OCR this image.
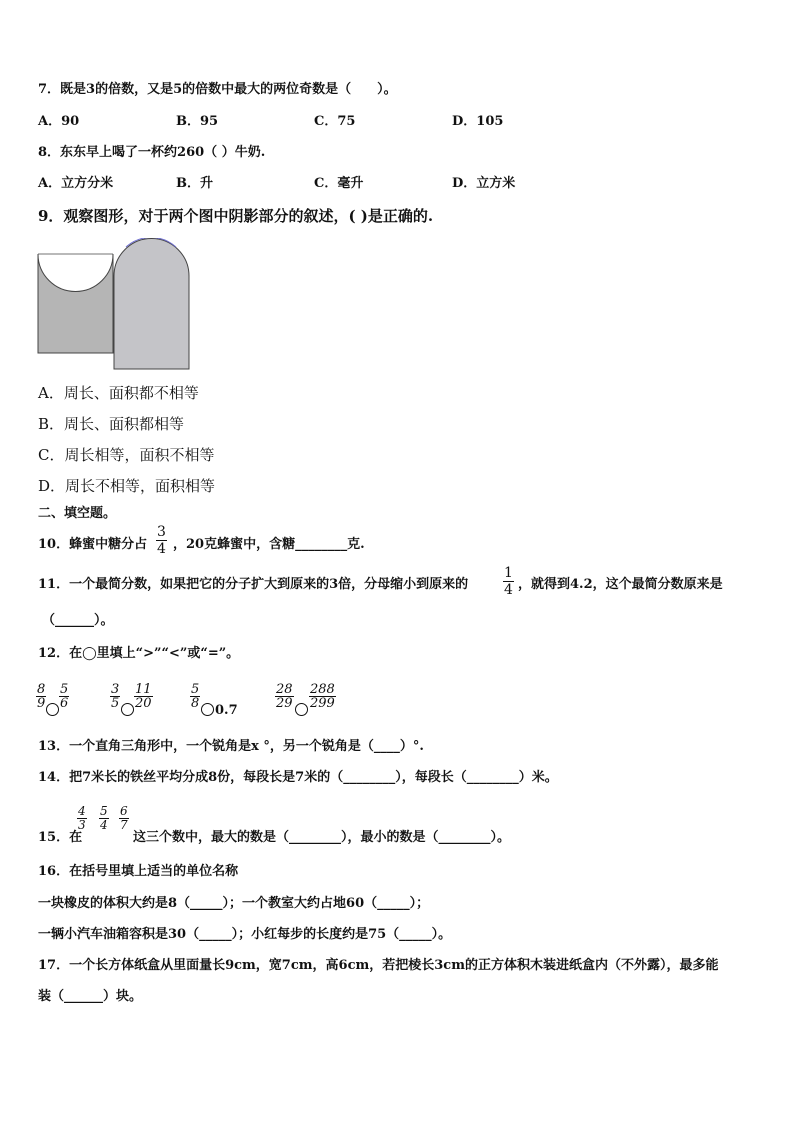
7．既是3的倍数，又是5的倍数中最大的两位奇数是（　　）。
A．90	B．95	C．75	D．105
8．东东早上喝了一杯约260（ ）牛奶.
A．立方分米	B．升	C．毫升	D．立方米
9．观察图形，对于两个图中阴影部分的叙述，( )是正确的.
A．周长、面积都不相等
B．周长、面积都相等
C．周长相等，面积不相等
D．周长不相等，面积相等
二、填空题。
10．蜂蜜中糖分占 $\frac{3}{4}$ ，20克蜂蜜中，含糖________克.
11．一个最简分数，如果把它的分子扩大到原来的3倍，分母缩小到原来的 $\frac{1}{4}$ ，就得到4.2，这个最简分数原来是
（______）。
12．在◯里填上“>”“<”或“=”。
$\frac{8}{9} \frac{5}{6}$	$\frac{3}{5} \frac{11}{20}$	$\frac{5}{8}$
0.7
$\frac{28}{29} \frac{288}{299}$
13．一个直角三角形中，一个锐角是x °，另一个锐角是（____）°.
14．把7米长的铁丝平均分成8份，每段长是7米的（________），每段长（________）米。
15．在
$\frac{4}{3} \frac{5}{4} \frac{6}{7}$
这三个数中，最大的数是（________），最小的数是（________）。
16．在括号里填上适当的单位名称
一块橡皮的体积大约是8（_____）；一个教室大约占地60（_____）；
一辆小汽车油箱容积是30（_____）；小红每步的长度约是75（_____）。
17．一个长方体纸盒从里面量长9cm，宽7cm，高6cm，若把棱长3cm的正方体积木装进纸盒内（不外露），最多能
装（______）块。
